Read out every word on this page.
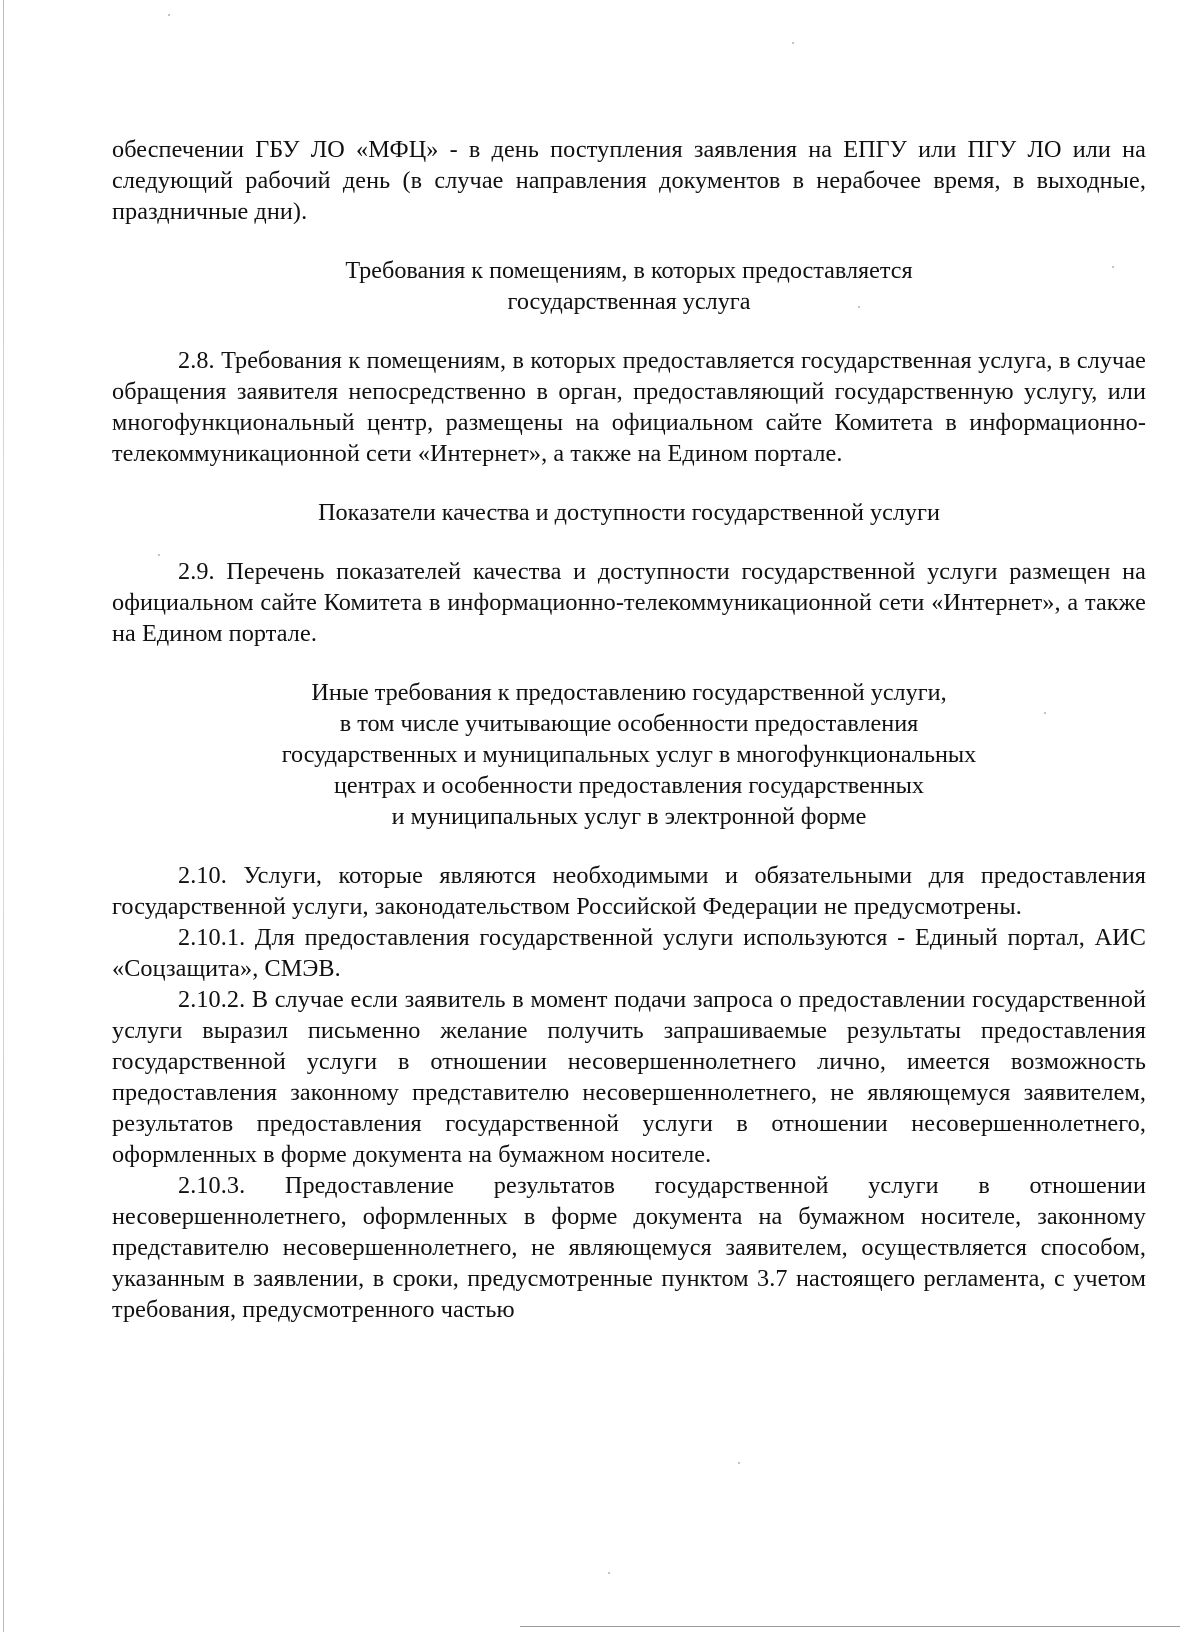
обеспечении ГБУ ЛО «МФЦ» - в день поступления заявления на ЕПГУ или ПГУ ЛО или на следующий рабочий день (в случае направления документов в нерабочее время, в выходные, праздничные дни).

Требования к помещениям, в которых предоставляется

государственная услуга

2.8. Требования к помещениям, в которых предоставляется государственная услуга, в случае обращения заявителя непосредственно в орган, предоставляющий государственную услугу, или многофункциональный центр, размещены на официальном сайте Комитета в информационно-телекоммуникационной сети «Интернет», а также на Едином портале.

Показатели качества и доступности государственной услуги

2.9. Перечень показателей качества и доступности государственной услуги размещен на официальном сайте Комитета в информационно-телекоммуникационной сети «Интернет», а также на Едином портале.

Иные требования к предоставлению государственной услуги,

в том числе учитывающие особенности предоставления

государственных и муниципальных услуг в многофункциональных

центрах и особенности предоставления государственных

и муниципальных услуг в электронной форме

2.10. Услуги, которые являются необходимыми и обязательными для предоставления государственной услуги, законодательством Российской Федерации не предусмотрены.

2.10.1. Для предоставления государственной услуги используются - Единый портал, АИС «Соцзащита», СМЭВ.

2.10.2. В случае если заявитель в момент подачи запроса о предоставлении государственной услуги выразил письменно желание получить запрашиваемые результаты предоставления государственной услуги в отношении несовершеннолетнего лично, имеется возможность предоставления законному представителю несовершеннолетнего, не являющемуся заявителем, результатов предоставления государственной услуги в отношении несовершеннолетнего, оформленных в форме документа на бумажном носителе.

2.10.3. Предоставление результатов государственной услуги в отношении несовершеннолетнего, оформленных в форме документа на бумажном носителе, законному представителю несовершеннолетнего, не являющемуся заявителем, осуществляется способом, указанным в заявлении, в сроки, предусмотренные пунктом 3.7 настоящего регламента, с учетом требования, предусмотренного частью
